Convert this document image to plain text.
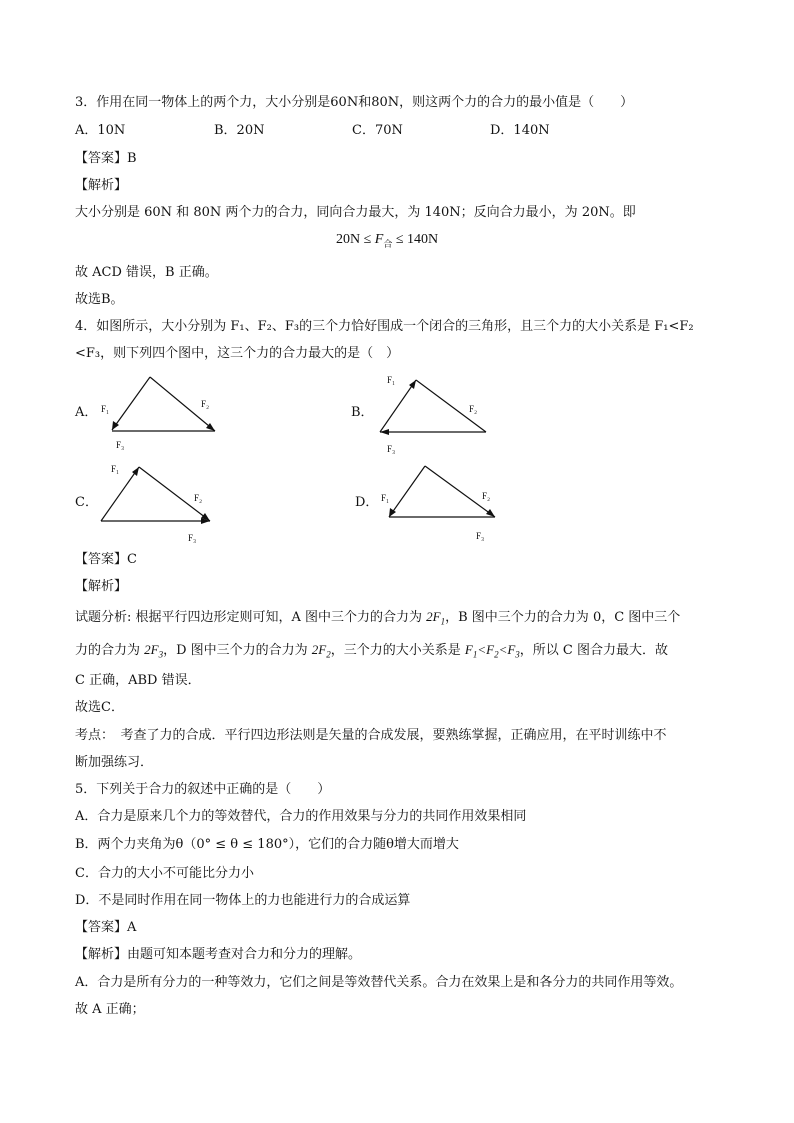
3．作用在同一物体上的两个力，大小分别是60N和80N，则这两个力的合力的最小值是（　　）
A．10N	B．20N	C．70N	D．140N
【答案】B
【解析】
大小分别是 60N 和 80N 两个力的合力，同向合力最大，为 140N；反向合力最小，为 20N。即
$20N \le F_合 \le 140N$
故 ACD 错误，B 正确。
故选B。
4．如图所示，大小分别为 F₁、F₂、F₃的三个力恰好围成一个闭合的三角形，且三个力的大小关系是 F₁<F₂
<F₃，则下列四个图中，这三个力的合力最大的是（　）
A． F₁	F₂
F₃
B．
F₁
F₂
F₃
C．
F₁
F₂
F₃
D． F₁	F₂
F₃
【答案】C
【解析】
试题分析: 根据平行四边形定则可知，A 图中三个力的合力为 $2F_1$，B 图中三个力的合力为 0，C 图中三个
力的合力为 $2F_3$，D 图中三个力的合力为 $2F_2$，三个力的大小关系是 $F_1<F_2<F_3$，所以 C 图合力最大．故
C 正确，ABD 错误．
故选C．
考点：　考查了力的合成．平行四边形法则是矢量的合成发展，要熟练掌握，正确应用，在平时训练中不
断加强练习．
5．下列关于合力的叙述中正确的是（　　）
A．合力是原来几个力的等效替代，合力的作用效果与分力的共同作用效果相同
B．两个力夹角为θ（0° ≤ θ ≤ 180°），它们的合力随θ增大而增大
C．合力的大小不可能比分力小
D．不是同时作用在同一物体上的力也能进行力的合成运算
【答案】A
【解析】由题可知本题考查对合力和分力的理解。
A．合力是所有分力的一种等效力，它们之间是等效替代关系。合力在效果上是和各分力的共同作用等效。
故 A 正确；
